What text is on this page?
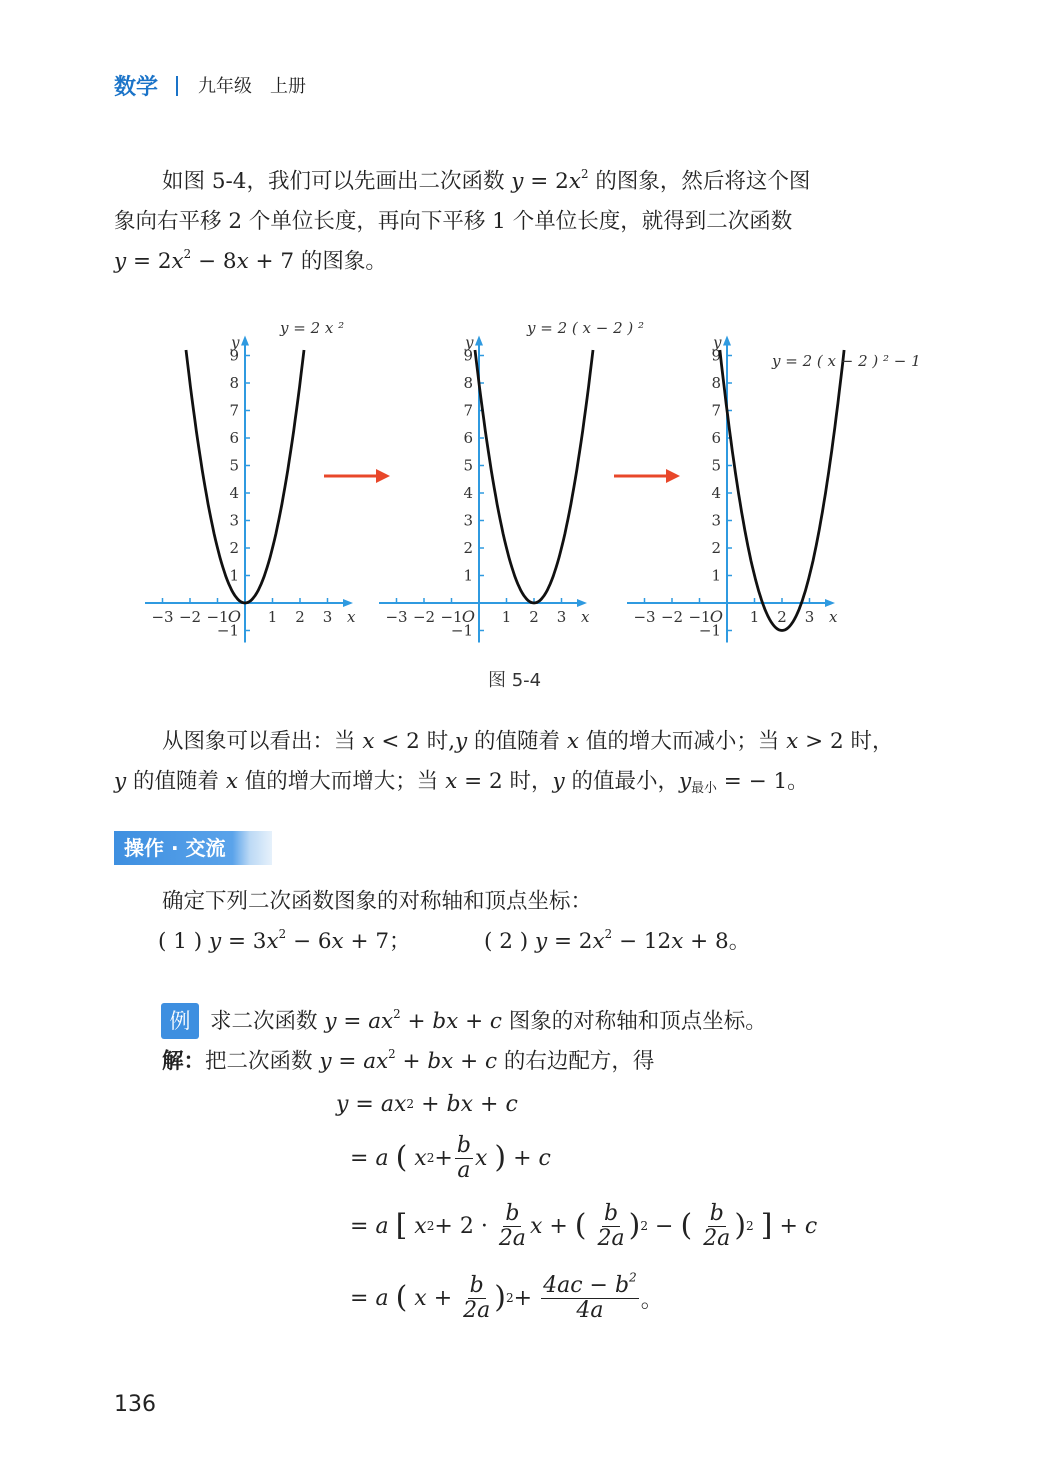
数学 九年级　上册
如图 5-4，我们可以先画出二次函数 $y = 2x^2$ 的图象，然后将这个图
象向右平移 2 个单位长度，再向下平移 1 个单位长度，就得到二次函数
$y = 2x^2 - 8x + 7$ 的图象。
−3 −2 −1	1 2 3
1
2
3
4
5
6
7
8
9
−1
O	x
y
y = 2 x ²
−3 −2 −1	1 2 3
1
2
3
4
5
6
7
8
9
−1
O	x
y
y = 2 ( x − 2 ) ²
−3 −2 −1	1 2 3
1
2
3
4
5
6
7
8
9
−1
O	x
y
y = 2 ( x − 2 ) ² − 1
图 5-4
从图象可以看出：当 x < 2 时,y 的值随着 x 值的增大而减小；当 x > 2 时，
y 的值随着 x 值的增大而增大；当 x = 2 时，y 的值最小，$y_{最小}$ = − 1。
操作 · 交流
确定下列二次函数图象的对称轴和顶点坐标：
( 1 ) $y = 3x^2 - 6x + 7$；	( 2 ) $y = 2x^2 - 12x + 8$。
例 求二次函数 $y = ax^2$ + bx + c 图象的对称轴和顶点坐标。
解：把二次函数 $y = ax^2$ + bx + c 的右边配方，得
y = ax 2 + bx + c
= a
(
x $2 + \frac{b}{a}$ x
) + c
= a
[
x $2 + 2 \cdot \frac{b}{2a}$ x + (
$\frac{b}{2a}$ ) 2 − (
$\frac{b}{2a}$ ) 2
] + c
= a
(
$x + \frac{b}{2a}$ ) $2 + \frac{4ac - b^2}{4a}$ 。
136
